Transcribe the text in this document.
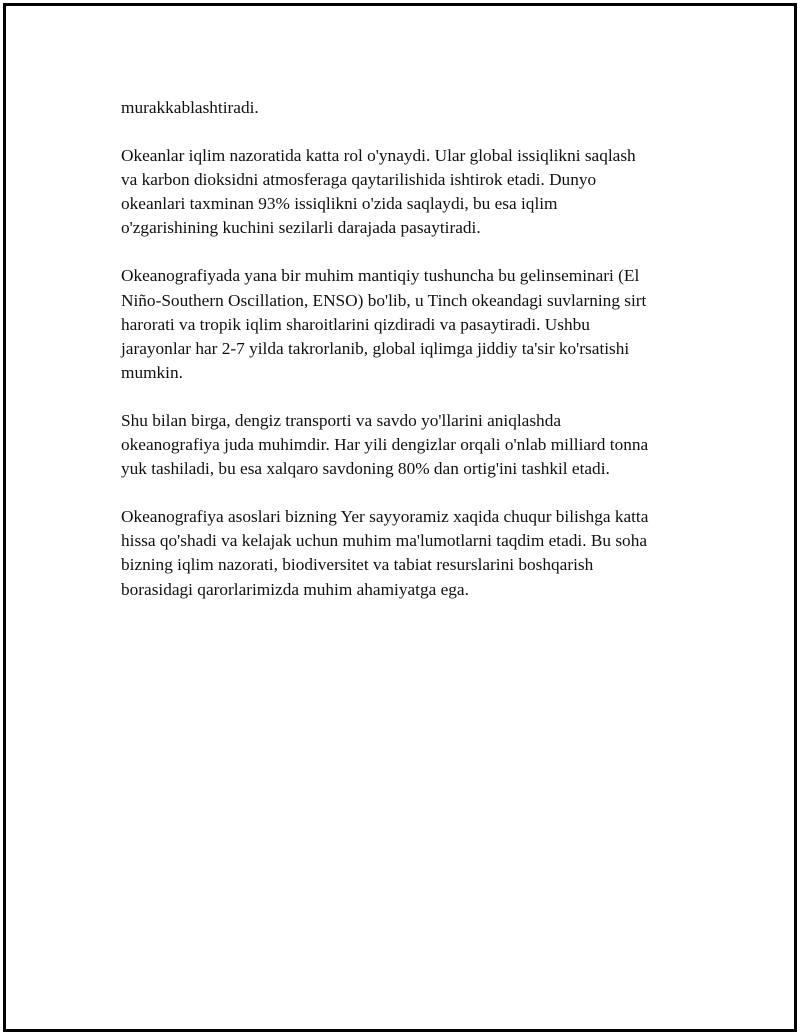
murakkablashtiradi.

Okeanlar iqlim nazoratida katta rol o'ynaydi. Ular global issiqlikni saqlash
va karbon dioksidni atmosferaga qaytarilishida ishtirok etadi. Dunyo
okeanlari taxminan 93% issiqlikni o'zida saqlaydi, bu esa iqlim
o'zgarishining kuchini sezilarli darajada pasaytiradi.

Okeanografiyada yana bir muhim mantiqiy tushuncha bu gelinseminari (El
Niño-Southern Oscillation, ENSO) bo'lib, u Tinch okeandagi suvlarning sirt
harorati va tropik iqlim sharoitlarini qizdiradi va pasaytiradi. Ushbu
jarayonlar har 2-7 yilda takrorlanib, global iqlimga jiddiy ta'sir ko'rsatishi
mumkin.

Shu bilan birga, dengiz transporti va savdo yo'llarini aniqlashda
okeanografiya juda muhimdir. Har yili dengizlar orqali o'nlab milliard tonna
yuk tashiladi, bu esa xalqaro savdoning 80% dan ortig'ini tashkil etadi.

Okeanografiya asoslari bizning Yer sayyoramiz xaqida chuqur bilishga katta
hissa qo'shadi va kelajak uchun muhim ma'lumotlarni taqdim etadi. Bu soha
bizning iqlim nazorati, biodiversitet va tabiat resurslarini boshqarish
borasidagi qarorlarimizda muhim ahamiyatga ega.
